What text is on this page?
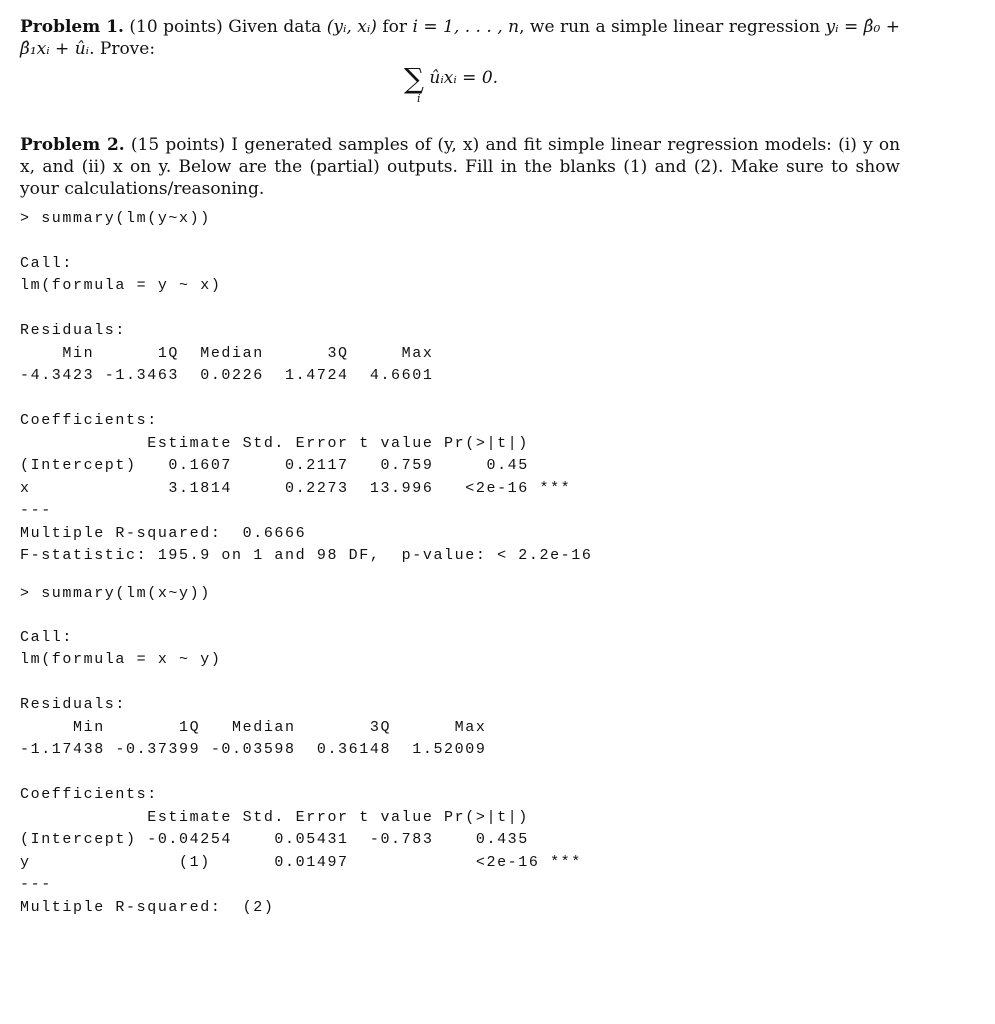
Problem 1. (10 points) Given data (yᵢ, xᵢ) for i = 1, . . . , n, we run a simple linear regression yᵢ = β̂₀ + β̂₁xᵢ + ûᵢ. Prove:
∑ ûᵢxᵢ = 0.
i
Problem 2. (15 points) I generated samples of (y, x) and fit simple linear regression models: (i) y on x, and (ii) x on y. Below are the (partial) outputs. Fill in the blanks (1) and (2). Make sure to show your calculations/reasoning.
> summary(lm(y~x))
Call:
lm(formula = y ~ x)
Residuals:
Min      1Q  Median      3Q     Max
-4.3423 -1.3463  0.0226  1.4724  4.6601
Coefficients:
Estimate Std. Error t value Pr(>|t|)
(Intercept)   0.1607     0.2117   0.759     0.45
x             3.1814     0.2273  13.996   <2e-16 ***
---
Multiple R-squared:  0.6666
F-statistic: 195.9 on 1 and 98 DF,  p-value: < 2.2e-16
> summary(lm(x~y))
Call:
lm(formula = x ~ y)
Residuals:
Min       1Q   Median       3Q      Max
-1.17438 -0.37399 -0.03598  0.36148  1.52009
Coefficients:
Estimate Std. Error t value Pr(>|t|)
(Intercept) -0.04254    0.05431  -0.783    0.435
y              (1)      0.01497            <2e-16 ***
---
Multiple R-squared:  (2)
